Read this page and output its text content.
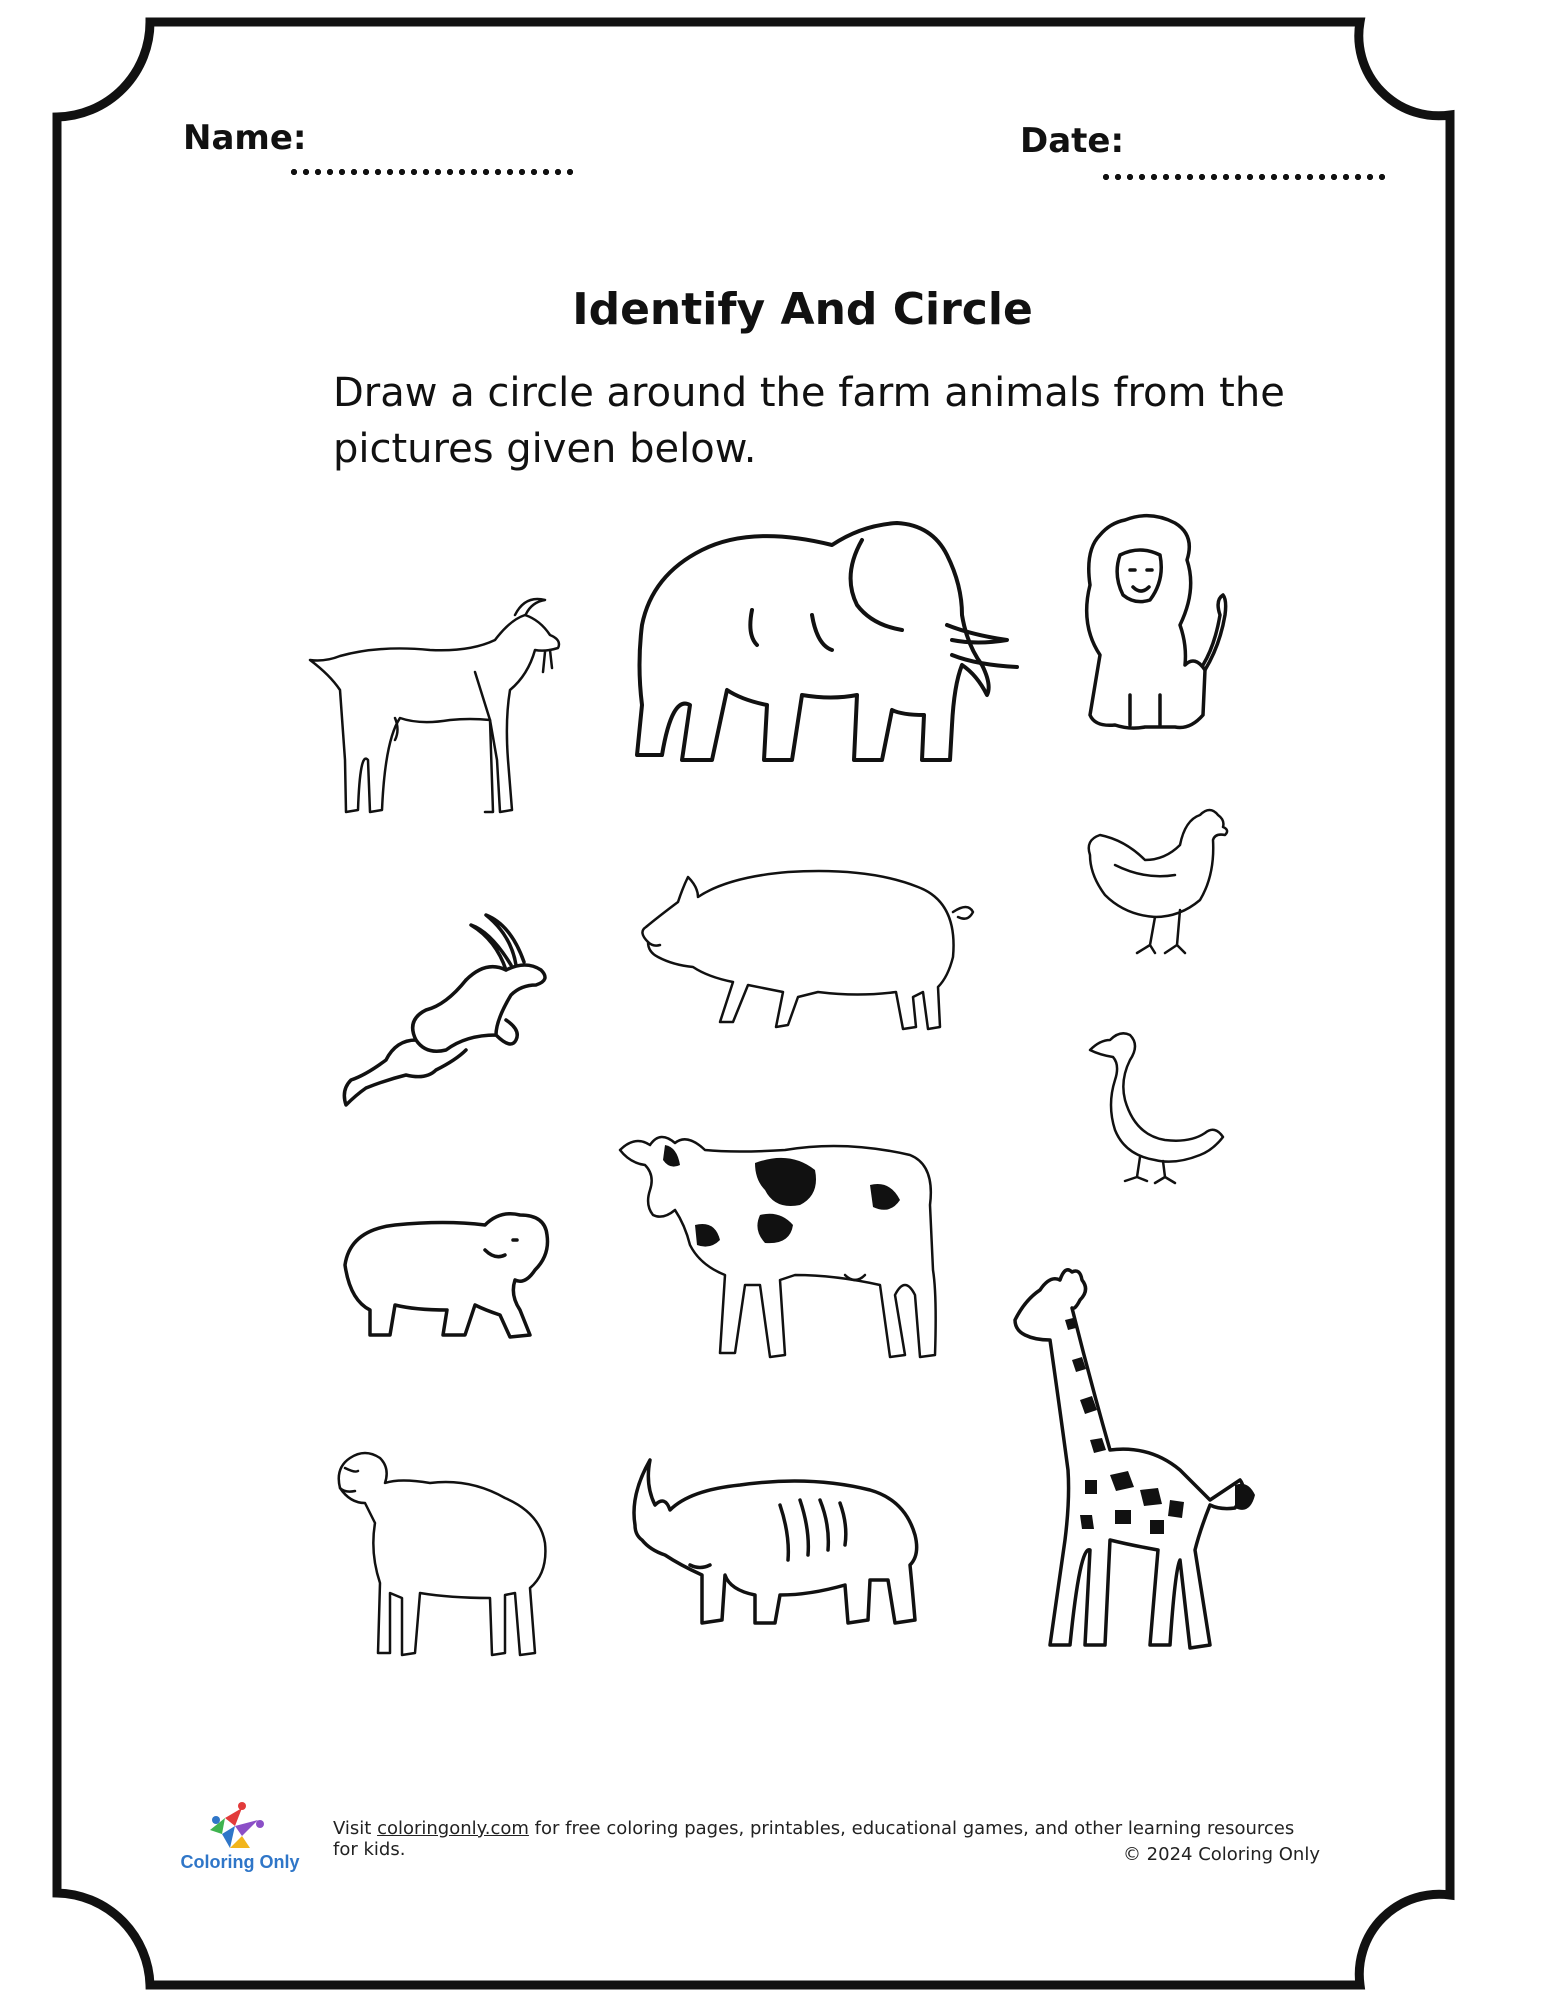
Name:	Date:
Identify And Circle
Draw a circle around the farm animals from the pictures given below.
Coloring Only
Visit coloringonly.com for free coloring pages, printables, educational games, and other learning resources for kids.	© 2024 Coloring Only
